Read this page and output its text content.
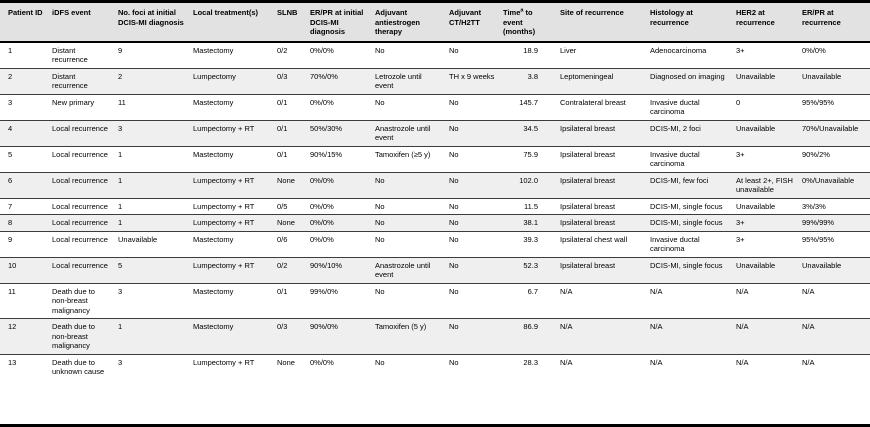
Patient ID	iDFS event	No. foci at initial DCIS-MI diagnosis	Local treatment(s)	SLNB	ER/PR at initial DCIS-MI diagnosis	Adjuvant antiestrogen therapy	Adjuvant CT/H2TT	Time$^a$ to event (months)	Site of recurrence	Histology at recurrence	HER2 at recurrence	ER/PR at recurrence
1	Distant recurrence	9	Mastectomy	0/2	0%/0%	No	No	18.9	Liver	Adenocarcinoma	3+	0%/0%
2	Distant recurrence	2	Lumpectomy	0/3	70%/0%	Letrozole until event	TH x 9 weeks	3.8	Leptomeningeal	Diagnosed on imaging	Unavailable	Unavailable
3	New primary	11	Mastectomy	0/1	0%/0%	No	No	145.7	Contralateral breast	Invasive ductal carcinoma	0	95%/95%
4	Local recurrence	3	Lumpectomy + RT	0/1	50%/30%	Anastrozole until event	No	34.5	Ipsilateral breast	DCIS-MI, 2 foci	Unavailable	70%/Unavailable
5	Local recurrence	1	Mastectomy	0/1	90%/15%	Tamoxifen (≥5 y)	No	75.9	Ipsilateral breast	Invasive ductal carcinoma	3+	90%/2%
6	Local recurrence	1	Lumpectomy + RT	None	0%/0%	No	No	102.0	Ipsilateral breast	DCIS-MI, few foci	At least 2+, FISH unavailable	0%/Unavailable
7	Local recurrence	1	Lumpectomy + RT	0/5	0%/0%	No	No	11.5	Ipsilateral breast	DCIS-MI, single focus	Unavailable	3%/3%
8	Local recurrence	1	Lumpectomy + RT	None	0%/0%	No	No	38.1	Ipsilateral breast	DCIS-MI, single focus	3+	99%/99%
9	Local recurrence	Unavailable	Mastectomy	0/6	0%/0%	No	No	39.3	Ipsilateral chest wall	Invasive ductal carcinoma	3+	95%/95%
10	Local recurrence	5	Lumpectomy + RT	0/2	90%/10%	Anastrozole until event	No	52.3	Ipsilateral breast	DCIS-MI, single focus	Unavailable	Unavailable
11	Death due to non-breast malignancy	3	Mastectomy	0/1	99%/0%	No	No	6.7	N/A	N/A	N/A	N/A
12	Death due to non-breast malignancy	1	Mastectomy	0/3	90%/0%	Tamoxifen (5 y)	No	86.9	N/A	N/A	N/A	N/A
13	Death due to unknown cause	3	Lumpectomy + RT	None	0%/0%	No	No	28.3	N/A	N/A	N/A	N/A
